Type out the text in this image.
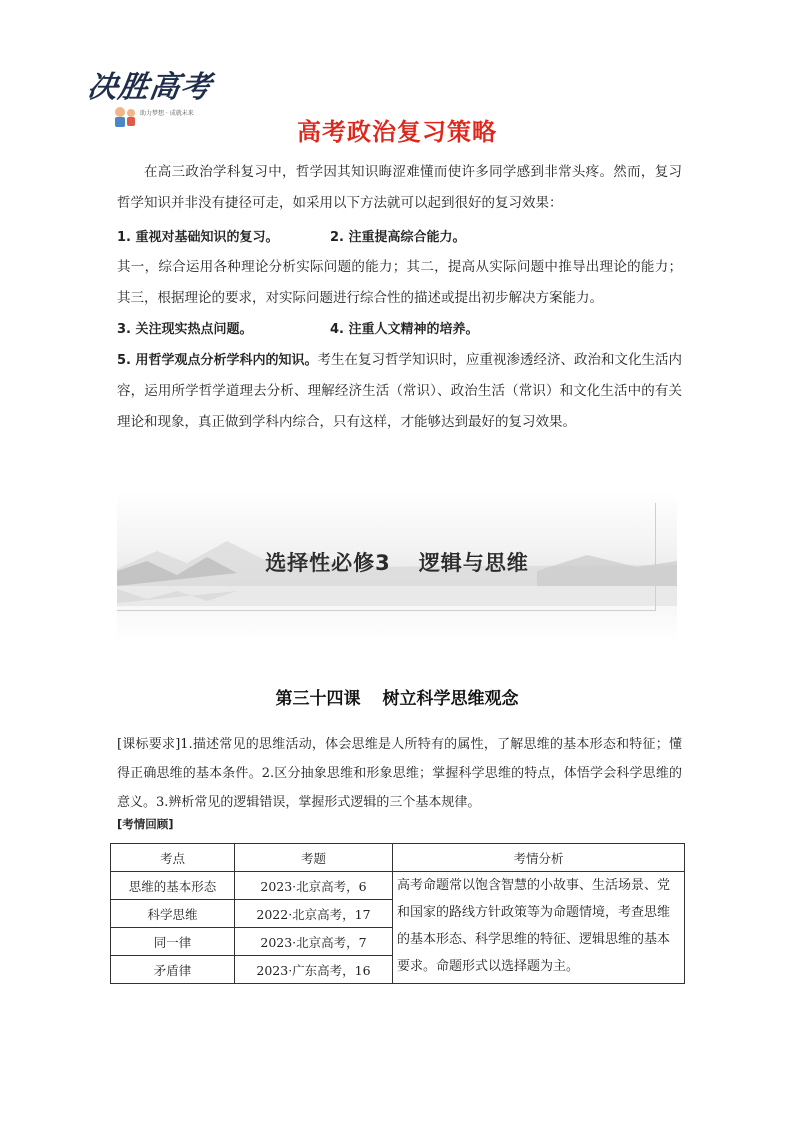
决胜高考
助力梦想 · 成就未来
高考政治复习策略
在高三政治学科复习中，哲学因其知识晦涩难懂而使许多同学感到非常头疼。然而，复习哲学知识并非没有捷径可走，如采用以下方法就可以起到很好的复习效果：
1. 重视对基础知识的复习。	2. 注重提高综合能力。
其一，综合运用各种理论分析实际问题的能力；其二，提高从实际问题中推导出理论的能力；其三，根据理论的要求，对实际问题进行综合性的描述或提出初步解决方案能力。
3. 关注现实热点问题。	4. 注重人文精神的培养。
5. 用哲学观点分析学科内的知识。考生在复习哲学知识时，应重视渗透经济、政治和文化生活内容，运用所学哲学道理去分析、理解经济生活（常识）、政治生活（常识）和文化生活中的有关理论和现象，真正做到学科内综合，只有这样，才能够达到最好的复习效果。
选择性必修3 逻辑与思维
第三十四课 树立科学思维观念
[课标要求]1.描述常见的思维活动，体会思维是人所特有的属性，了解思维的基本形态和特征；懂得正确思维的基本条件。2.区分抽象思维和形象思维；掌握科学思维的特点，体悟学会科学思维的意义。3.辨析常见的逻辑错误，掌握形式逻辑的三个基本规律。
[考情回顾]
考点	考题	考情分析
思维的基本形态	2023·北京高考，6	高考命题常以饱含智慧的小故事、生活场景、党和国家的路线方针政策等为命题情境，考查思维的基本形态、科学思维的特征、逻辑思维的基本要求。命题形式以选择题为主。
科学思维	2022·北京高考，17	
同一律	2023·北京高考，7	
矛盾律	2023·广东高考，16	
